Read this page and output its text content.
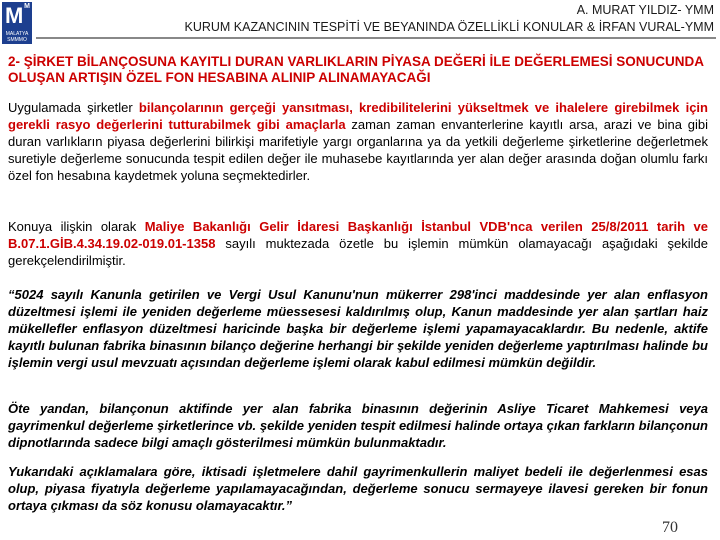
M M
MALATYA
SMMMO
A. MURAT YILDIZ- YMM
KURUM KAZANCININ TESPİTİ VE BEYANINDA ÖZELLİKLİ KONULAR & İRFAN VURAL-YMM
2- ŞİRKET BİLANÇOSUNA KAYITLI DURAN VARLIKLARIN PİYASA DEĞERİ İLE DEĞERLEMESİ SONUCUNDA OLUŞAN ARTIŞIN ÖZEL FON HESABINA ALINIP ALINAMAYACAĞI
Uygulamada şirketler bilançolarının gerçeği yansıtması, kredibilitelerini yükseltmek ve ihalelere girebilmek için gerekli rasyo değerlerini tutturabilmek gibi amaçlarla zaman zaman envanterlerine kayıtlı arsa, arazi ve bina gibi duran varlıkların piyasa değerlerini bilirkişi marifetiyle yargı organlarına ya da yetkili değerleme şirketlerine değerletmek suretiyle değerleme sonucunda tespit edilen değer ile muhasebe kayıtlarında yer alan değer arasında doğan olumlu farkı özel fon hesabına kaydetmek yoluna seçmektedirler.
Konuya ilişkin olarak Maliye Bakanlığı Gelir İdaresi Başkanlığı İstanbul VDB'nca verilen 25/8/2011 tarih ve B.07.1.GİB.4.34.19.02-019.01-1358 sayılı muktezada özetle bu işlemin mümkün olamayacağı aşağıdaki şekilde gerekçelendirilmiştir.
“5024 sayılı Kanunla getirilen ve Vergi Usul Kanunu'nun mükerrer 298'inci maddesinde yer alan enflasyon düzeltmesi işlemi ile yeniden değerleme müessesesi kaldırılmış olup, Kanun maddesinde yer alan şartları haiz mükellefler enflasyon düzeltmesi haricinde başka bir değerleme işlemi yapamayacaklardır. Bu nedenle, aktife kayıtlı bulunan fabrika binasının bilanço değerine herhangi bir şekilde yeniden değerleme yaptırılması halinde bu işlemin vergi usul mevzuatı açısından değerleme işlemi olarak kabul edilmesi mümkün değildir.
Öte yandan, bilançonun aktifinde yer alan fabrika binasının değerinin Asliye Ticaret Mahkemesi veya gayrimenkul değerleme şirketlerince vb. şekilde yeniden tespit edilmesi halinde ortaya çıkan farkların bilançonun dipnotlarında sadece bilgi amaçlı gösterilmesi mümkün bulunmaktadır.
Yukarıdaki açıklamalara göre, iktisadi işletmelere dahil gayrimenkullerin maliyet bedeli ile değerlenmesi esas olup, piyasa fiyatıyla değerleme yapılamayacağından, değerleme sonucu sermayeye ilavesi gereken bir fonun ortaya çıkması da söz konusu olamayacaktır.”
70
